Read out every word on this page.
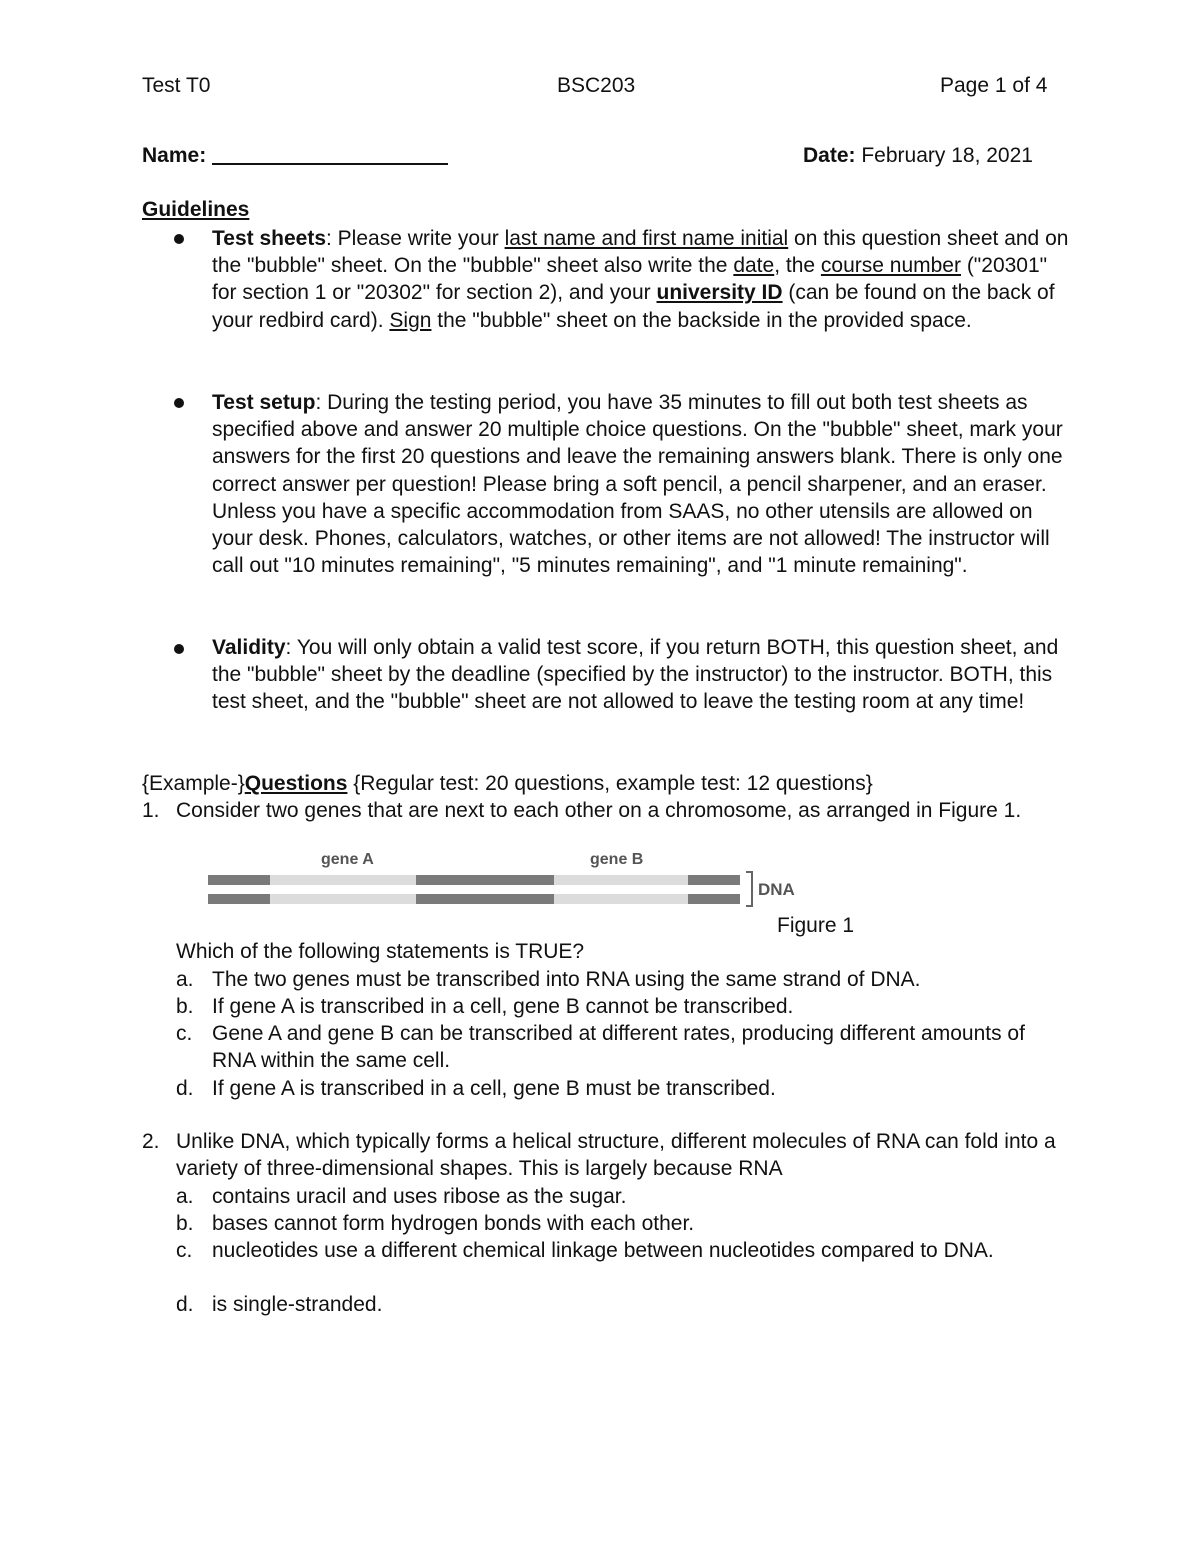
Test T0	BSC203	Page 1 of 4
Name:	Date: February 18, 2021
Guidelines
Test sheets: Please write your last name and first name initial on this question sheet and on the "bubble" sheet. On the "bubble" sheet also write the date, the course number ("20301" for section 1 or "20302" for section 2), and your university ID (can be found on the back of your redbird card). Sign the "bubble" sheet on the backside in the provided space.
Test setup: During the testing period, you have 35 minutes to fill out both test sheets as specified above and answer 20 multiple choice questions. On the "bubble" sheet, mark your answers for the first 20 questions and leave the remaining answers blank. There is only one correct answer per question! Please bring a soft pencil, a pencil sharpener, and an eraser. Unless you have a specific accommodation from SAAS, no other utensils are allowed on your desk. Phones, calculators, watches, or other items are not allowed! The instructor will call out "10 minutes remaining", "5 minutes remaining", and "1 minute remaining".
Validity: You will only obtain a valid test score, if you return BOTH, this question sheet, and the "bubble" sheet by the deadline (specified by the instructor) to the instructor. BOTH, this test sheet, and the "bubble" sheet are not allowed to leave the testing room at any time!
{Example-}Questions {Regular test: 20 questions, example test: 12 questions}
1. Consider two genes that are next to each other on a chromosome, as arranged in Figure 1.
gene A	gene B
DNA
Figure 1
Which of the following statements is TRUE?
a. The two genes must be transcribed into RNA using the same strand of DNA.
b. If gene A is transcribed in a cell, gene B cannot be transcribed.
c. Gene A and gene B can be transcribed at different rates, producing different amounts of RNA within the same cell.
d. If gene A is transcribed in a cell, gene B must be transcribed.
2. Unlike DNA, which typically forms a helical structure, different molecules of RNA can fold into a variety of three-dimensional shapes. This is largely because RNA
a. contains uracil and uses ribose as the sugar.
b. bases cannot form hydrogen bonds with each other.
c. nucleotides use a different chemical linkage between nucleotides compared to DNA.
d. is single-stranded.
